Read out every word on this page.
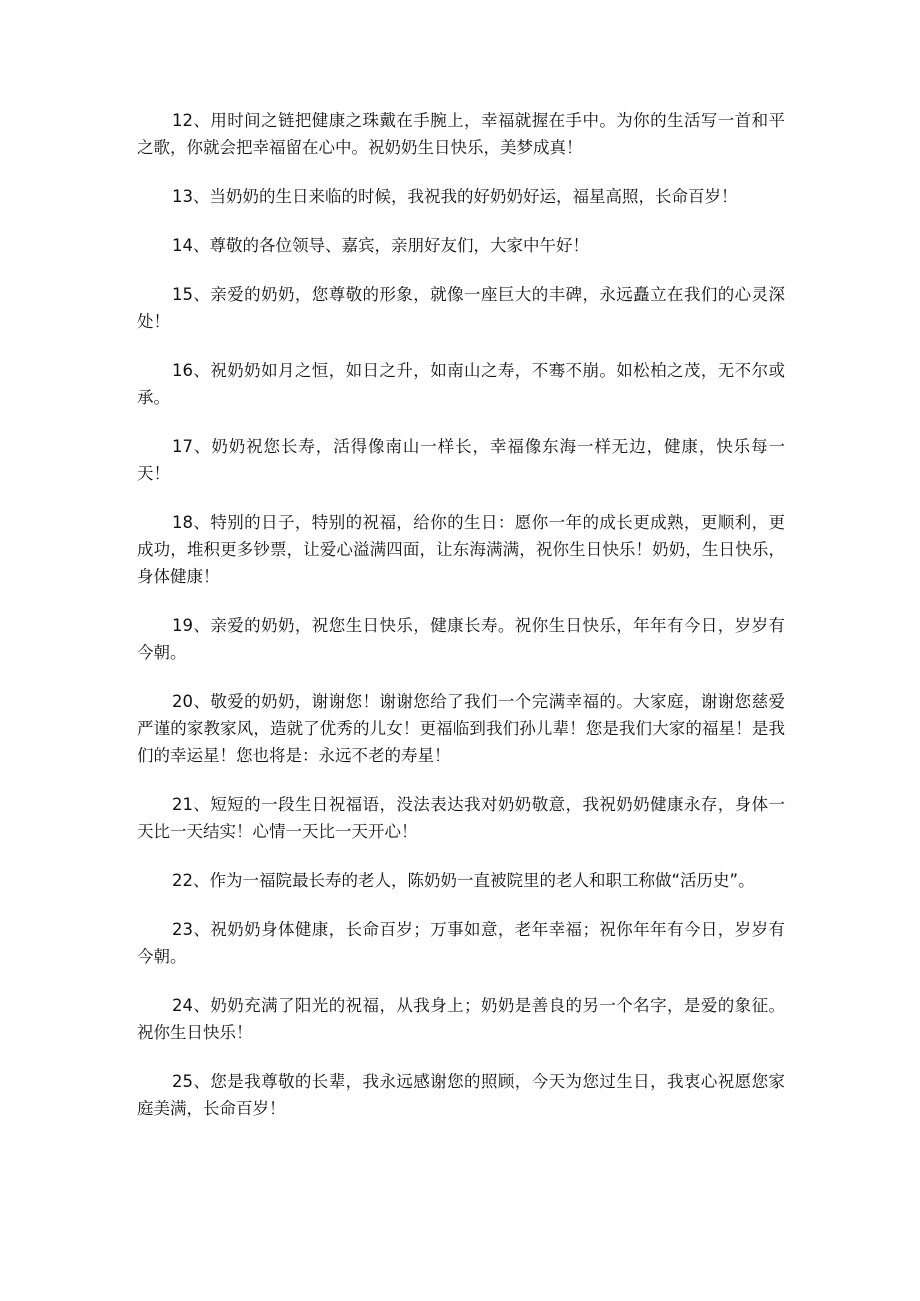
12、用时间之链把健康之珠戴在手腕上，幸福就握在手中。为你的生活写一首和平之歌，你就会把幸福留在心中。祝奶奶生日快乐，美梦成真！

13、当奶奶的生日来临的时候，我祝我的好奶奶好运，福星高照，长命百岁！

14、尊敬的各位领导、嘉宾，亲朋好友们，大家中午好！

15、亲爱的奶奶，您尊敬的形象，就像一座巨大的丰碑，永远矗立在我们的心灵深处！

16、祝奶奶如月之恒，如日之升，如南山之寿，不骞不崩。如松柏之茂，无不尔或承。

17、奶奶祝您长寿，活得像南山一样长，幸福像东海一样无边，健康，快乐每一天！

18、特别的日子，特别的祝福，给你的生日：愿你一年的成长更成熟，更顺利，更成功，堆积更多钞票，让爱心溢满四面，让东海满满，祝你生日快乐！奶奶，生日快乐，身体健康！

19、亲爱的奶奶，祝您生日快乐，健康长寿。祝你生日快乐，年年有今日，岁岁有今朝。

20、敬爱的奶奶，谢谢您！谢谢您给了我们一个完满幸福的。大家庭，谢谢您慈爱严谨的家教家风，造就了优秀的儿女！更福临到我们孙儿辈！您是我们大家的福星！是我们的幸运星！您也将是：永远不老的寿星！

21、短短的一段生日祝福语，没法表达我对奶奶敬意，我祝奶奶健康永存，身体一天比一天结实！心情一天比一天开心！

22、作为一福院最长寿的老人，陈奶奶一直被院里的老人和职工称做“活历史”。

23、祝奶奶身体健康，长命百岁；万事如意，老年幸福；祝你年年有今日，岁岁有今朝。

24、奶奶充满了阳光的祝福，从我身上；奶奶是善良的另一个名字，是爱的象征。祝你生日快乐！

25、您是我尊敬的长辈，我永远感谢您的照顾，今天为您过生日，我衷心祝愿您家庭美满，长命百岁！
